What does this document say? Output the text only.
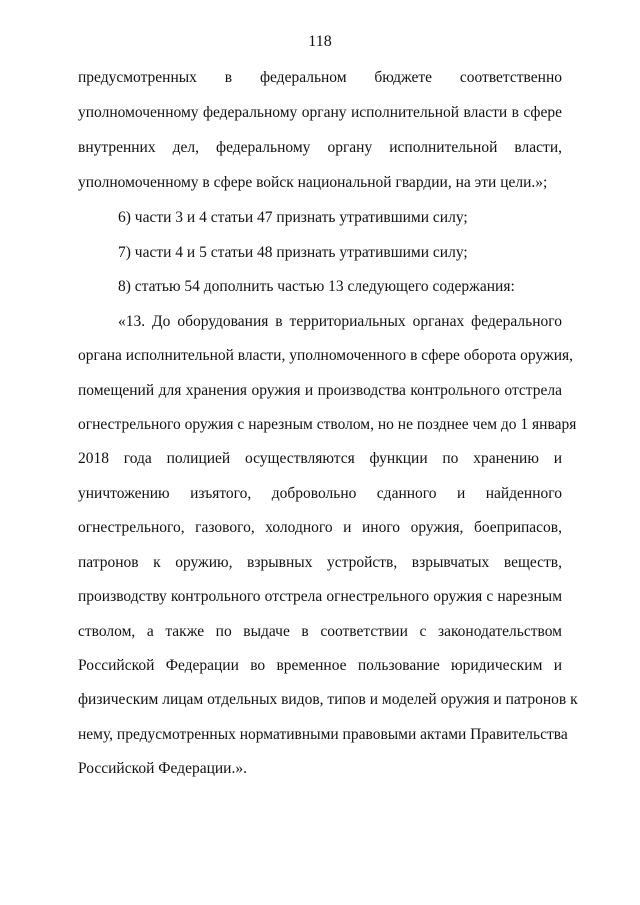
118
предусмотренных в федеральном бюджете соответственно
уполномоченному федеральному органу исполнительной власти в сфере
внутренних дел, федеральному органу исполнительной власти,
уполномоченному в сфере войск национальной гвардии, на эти цели.»;
6) части 3 и 4 статьи 47 признать утратившими силу;
7) части 4 и 5 статьи 48 признать утратившими силу;
8) статью 54 дополнить частью 13 следующего содержания:
«13. До оборудования в территориальных органах федерального
органа исполнительной власти, уполномоченного в сфере оборота оружия,
помещений для хранения оружия и производства контрольного отстрела
огнестрельного оружия с нарезным стволом, но не позднее чем до 1 января
2018 года полицией осуществляются функции по хранению и
уничтожению изъятого, добровольно сданного и найденного
огнестрельного, газового, холодного и иного оружия, боеприпасов,
патронов к оружию, взрывных устройств, взрывчатых веществ,
производству контрольного отстрела огнестрельного оружия с нарезным
стволом, а также по выдаче в соответствии с законодательством
Российской Федерации во временное пользование юридическим и
физическим лицам отдельных видов, типов и моделей оружия и патронов к
нему, предусмотренных нормативными правовыми актами Правительства
Российской Федерации.».
